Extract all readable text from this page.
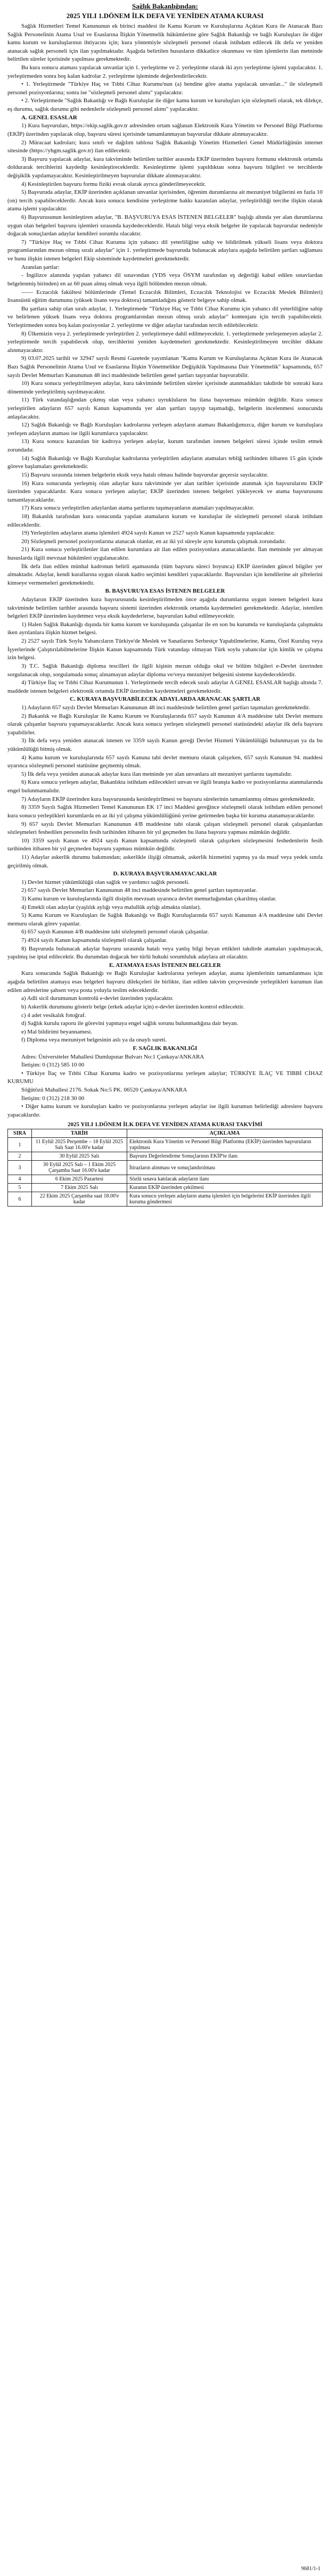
Sağlık Bakanlığından:

2025 YILI 1.DÖNEM İLK DEFA VE YENİDEN ATAMA KURASI

Sağlık Hizmetleri Temel Kanununun ek birinci maddesi ile Kamu Kurum ve Kuruluşlarına Açıktan Kura ile Atanacak Bazı Sağlık Personelinin Atama Usul ve Esaslarına İlişkin Yönetmelik hükümlerine göre Sağlık Bakanlığı ve bağlı Kuruluşları ile diğer kamu kurum ve kuruluşlarının ihtiyacını için; kura yöntemiyle sözleşmeli personel olarak istihdam edilecek ilk defa ve yeniden atanacak sağlık personeli için ilan yapılmaktadır. Aşağıda belirtilen hususların dikkatlice okunması ve tüm işlemlerin ilan metninde belirtilen süreler içerisinde yapılması gerekmektedir.

Bu kura sonucu ataması yapılacak unvanlar için 1. yerleştirme ve 2. yerleştirme olarak iki ayrı yerleştirme işlemi yapılacaktır. 1. yerleştirmeden sonra boş kalan kadrolar 2. yerleştirme işleminde değerlendirilecektir.

• 1. Yerleştirmede "Türkiye Haç ve Tıbbi Cihaz Kurumu'nun (a) bendine göre atama yapılacak unvanlar..." ile sözleşmeli personel pozisyonlarına; sonra ise "sözleşmeli personel alımı" yapılacaktır.

• 2. Yerleştirmede "Sağlık Bakanlığı ve Bağlı Kuruluşlar ile diğer kamu kurum ve kuruluşları için sözleşmeli olarak, tek dilekçe, eş durumu, sağlık durumu gibi nedenlerle sözleşmeli personel alımı" yapılacaktır.

A. GENEL ESASLAR

1) Kura başvuruları, https://ekip.saglik.gov.tr adresinden ortam sağlanan Elektronik Kura Yönetim ve Personel Bilgi Platformu (EKİP) üzerinden yapılacak olup, başvuru süresi içerisinde tamamlanmayan başvurular dikkate alınmayacaktır.

2) Müracaat kadroları; kura sınıfı ve dağılım tablosu Sağlık Bakanlığı Yönetim Hizmetleri Genel Müdürlüğünün internet sitesinde (https://yhgm.saglik.gov.tr) ilan edilecektir.

3) Başvuru yapılacak adaylar, kura takviminde belirtilen tarihler arasında EKİP üzerinden başvuru formunu elektronik ortamda doldurarak tercihlerini kaydedip kesinleştireceklerdir. Kesinleştirme işlemi yapıldıktan sonra başvuru bilgileri ve tercihlerde değişiklik yapılamayacaktır. Kesinleştirilmeyen başvurular dikkate alınmayacaktır.

4) Kesinleştirilen başvuru formu fiziki evrak olarak ayrıca gönderilmeyecektir.

5) Başvuruda adaylar, EKİP üzerinden açıklanan unvanlar içerisinden, öğrenim durumlarına ait mezuniyet bilgilerini en fazla 10 (on) tercih yapabileceklerdir. Ancak kura sonucu kendisine yerleştirme hakkı kazanılan adaylar, yerleştirildiği tercihe ilişkin olarak atama işlemi yapılacaktır.

6) Başvurusunun kesinleştiren adaylar, "B. BAŞVURUYA ESAS İSTENEN BELGELER" başlığı altında yer alan durumlarına uygun olan belgeleri başvuru işlemleri sırasında kaydedeceklerdir. Hatalı bilgi veya eksik belgeler ile yapılacak başvurular nedeniyle doğacak sonuçlardan adaylar kendileri sorumlu olacaktır.

7) "Türkiye Haç ve Tıbbi Cihaz Kurumu için yabancı dil yeterliliğine sahip ve bildirilmek yükseli lisans veya doktora programlarından mezun olmuş sıralı adaylar" için 1. yerleştirmede başvuruda bulunacak adaylara aşağıda belirtilen şartları sağlaması ve bunu ilişkin istenen belgeleri Ekip sisteminde kaydetmeleri gerekmektedir.

Aranılan şartlar:

- İngilizce alanında yapılan yabancı dil sınavından (YDS veya ÖSYM tarafından eş değerliği kabul edilen sınavlardan belgelenmiş birinden) en az 60 puan almış olmak veya ilgili bölümden mezun olmak.

—— Eczacılık fakültesi bölümlerinde (Temel Eczacılık Bilimleri, Eczacılık Teknolojisi ve Eczacılık Meslek Bilimleri) lisansüstü eğitim durumunu (yüksek lisans veya doktora) tamamladığını gösterir belgeye sahip olmak.

Bu şartlara sahip olan sıralı adaylar, 1. Yerleştirmede "Türkiye Haç ve Tıbbi Cihaz Kurumu için yabancı dil yeterliliğine sahip ve belirlenen yüksek lisans veya doktora programlarından mezun olmuş sıralı adaylar" kontenjanı için tercih yapabilecektir. Yerleştirmeden sonra boş kalan pozisyonlar 2. yerleştirme ve diğer adaylar tarafından tercih edilebilecektir.

8) Ülkemizin veya 2. yerleştirmede yerleştirilen 2. yerleştirmeye dahil edilmeyecektir. 1. yerleştirmede yerleşemeyen adaylar 2. yerleştirmede tercih yapabilecek olup, tercihlerini yeniden kaydetmeleri gerekmektedir. Kesinleştirilmeyen tercihler dikkate alınmayacaktır.

9) 03.07.2025 tarihli ve 32947 sayılı Resmi Gazetede yayımlanan "Kamu Kurum ve Kuruluşlarına Açıktan Kura ile Atanacak Bazı Sağlık Personelinin Atama Usul ve Esaslarına İlişkin Yönetmelikte Değişiklik Yapılmasına Dair Yönetmelik" kapsamında, 657 sayılı Devlet Memurları Kanununun 48 inci maddesinde belirtilen genel şartları taşıyanlar başvurabilir.

10) Kura sonucu yerleştirilmeyen adaylar, kura takviminde belirtilen süreler içerisinde atanmadıkları takdirde bir sonraki kura döneminde yerleştirilmiş sayılmayacaktır.

11) Türk vatandaşlığından çıkmış olan veya yabancı uyrukluların bu ilana başvurması mümkün değildir. Kura sonucu yerleştirilen adayların 657 sayılı Kanun kapsamında yer alan şartları taşıyıp taşımadığı, belgelerin incelenmesi sonucunda anlaşılacaktır.

12) Sağlık Bakanlığı ve Bağlı Kuruluşları kadrolarına yerleşen adayların ataması Bakanlığımızca, diğer kurum ve kuruluşlara yerleşen adayların ataması ise ilgili kurumlarca yapılacaktır.

13) Kura sonucu kazanılan bir kadroya yerleşen adaylar, kurum tarafından istenen belgeleri süresi içinde teslim etmek zorundadır.

14) Sağlık Bakanlığı ve Bağlı Kuruluşlar kadrolarına yerleştirilen adayların atamaları tebliğ tarihinden itibaren 15 gün içinde göreve başlamaları gerekmektedir.

15) Başvuru sırasında istenen belgelerin eksik veya hatalı olması halinde başvurular geçersiz sayılacaktır.

16) Kura sonucunda yerleşmiş olan adaylar kura takviminde yer alan tarihler içerisinde atanmak için başvurularını EKİP üzerinden yapacaklardır. Kura sonucu yerleşen adaylar; EKİP üzerinden istenen belgeleri yükleyecek ve atama başvurusunu tamamlayacaklardır.

17) Kura sonucu yerleştirilen adaylardan atama şartlarını taşımayanların atamaları yapılmayacaktır.

18) Bakanlık tarafından kura sonucunda yapılan atamaların kurum ve kuruluşlar ile sözleşmeli personel olarak istihdam edileceklerdir.

19) Yerleştirilen adayların atama işlemleri 4924 sayılı Kanun ve 2527 sayılı Kanun kapsamında yapılacaktır.

20) Sözleşmeli personel pozisyonlarına atanacak olanlar, en az iki yıl süreyle aynı kurumda çalışmak zorundadır.

21) Kura sonucu yerleştirilenler ilan edilen kurumlara ait ilan edilen pozisyonlara atanacaklardır. İlan metninde yer almayan hususlarda ilgili mevzuat hükümleri uygulanacaktır.

İlk defa ilan edilen münhal kadronun belirli aşamasında (tüm başvuru süreci boyunca) EKİP üzerinden güncel bilgiler yer almaktadır. Adaylar, kendi kurallarına uygun olarak kadro seçimini kendileri yapacaklardır. Başvuruları için kendilerine ait şifrelerini kimseye vermemeleri gerekmektedir.

B. BAŞVURUYA ESAS İSTENEN BELGELER

Adaylarıın EKİP üzerinden kura başvurusunda kesinleştirilmeden önce aşağıda durumlarına uygun istenen belgeleri kura takviminde belirtilen tarihler arasında başvuru sistemi üzerinden elektronik ortamda kaydetmeleri gerekmektedir. Adaylar, istenilen belgeleri EKİP üzerinden kaydetmez veya eksik kaydederlerse, başvuruları kabul edilmeyecektir.

1) Halen Sağlık Bakanlığı dışında bir kamu kurum ve kuruluşunda çalışanlar ile en son bu kurumda ve kuruluşlarda çalışmakta iken ayrılanlara ilişkin hizmet belgesi.

2) 2527 sayılı Türk Soylu Yabancıların Türkiye'de Meslek ve Sanatlarını Serbestçe Yapabilmelerine, Kamu, Özel Kuruluş veya İşyerlerinde Çalıştırılabilmelerine İlişkin Kanun kapsamında Türk vatandaşı olmayan Türk soylu yabancılar için kimlik ve çalışma izin belgesi.

3) T.C. Sağlık Bakanlığı diploma tescilleri ile ilgili kişinin mezun olduğu okul ve bölüm bilgileri e-Devlet üzerinden sorgulanacak olup, sorgulamada sonuç alınamayan adaylar diploma ve/veya mezuniyet belgesini sisteme kaydedeceklerdir.

4) Türkiye İlaç ve Tıbbi Cihaz Kurumunun 1. Yerleştirmede tercih edecek sıralı adaylar A GENEL ESASLAR başlığı altında 7. maddede istenen belgeleri elektronik ortamda EKİP üzerinden kaydetmeleri gerekmektedir.

C. KURAYA BAŞVURABİLECEK ADAYLARDA ARANACAK ŞARTLAR

1) Adayların 657 sayılı Devlet Memurları Kanununun 48 inci maddesinde belirtilen genel şartları taşımaları gerekmektedir.

2) Bakanlık ve Bağlı Kuruluşlar ile Kamu Kurum ve Kuruluşlarında 657 sayılı Kanunun 4/A maddesine tabi Devlet memuru olarak çalışanlar başvuru yapamayacaklardır. Ancak kura sonucu yerleşen sözleşmeli personel statüsündeki adaylar ilk defa başvuru yapabilirler.

3) İlk defa veya yeniden atanacak istenen ve 3359 sayılı Kanun gereği Devlet Hizmeti Yükümlülüğü bulunmayan ya da bu yükümlülüğü bitmiş olmak.

4) Kamu kurum ve kuruluşlarında 657 sayılı Kanuna tabi devlet memuru olarak çalışırken, 657 sayılı Kanunun 94. maddesi uyarınca sözleşmeli personel statüsüne geçmemiş olmak.

5) İlk defa veya yeniden atanacak adaylar kura ilan metninde yer alan unvanlara ait mezuniyet şartlarını taşımalıdır.

6) Kura sonucu yerleşen adaylar, Bakanlıkta istihdam edilecekleri unvan ve ilgili branşta kadro ve pozisyonlarına atanmalarında engel bulunmamalıdır.

7) Adayların EKİP üzerinden kura başvurusunda kesinleştirilmesi ve başvuru sürelerinin tamamlanmış olması gerekmektedir.

8) 3359 Sayılı Sağlık Hizmetleri Temel Kanununun EK 17 inci Maddesi gereğince sözleşmeli olarak istihdam edilen personel kura sonucu yerleştikleri kurumlarda en az iki yıl çalışma yükümlülüğünü yerine getirmeden başka bir kuruma atanamayacaklardır.

9) 657 sayılı Devlet Memurları Kanununun 4/B maddesine tabi olarak çalışan sözleşmeli personel olarak çalışanlardan sözleşmeleri feshedilen personelin fesih tarihinden itibaren bir yıl geçmeden bu ilana başvuru yapması mümkün değildir.

10) 3359 sayılı Kanun ve 4924 sayılı Kanun kapsamında sözleşmeli olarak çalışırken sözleşmesini feshedenlerin fesih tarihinden itibaren bir yıl geçmeden başvuru yapması mümkün değildir.

11) Adaylar askerlik durumu bakımından; askerlikle ilişiği olmamak, askerlik hizmetini yapmış ya da muaf veya yedek sınıfa geçirilmiş olmak.

D. KURAYA BAŞVURAMAYACAKLAR

1) Devlet hizmet yükümlülüğü olan sağlık ve yardımcı sağlık personeli.

2) 657 sayılı Devlet Memurları Kanununun 48 inci maddesinde belirtilen genel şartları taşımayanlar.

3) Kamu kurum ve kuruluşlarında ilgili disiplin mevzuatı uyarınca devlet memurluğundan çıkarılmış olanlar.

4) Emekli olan adaylar (yaşlılık aylığı veya malullük aylığı almakta olanlar).

5) Kamu Kurum ve Kuruluşları ile Sağlık Bakanlığı ve Bağlı Kuruluşlarında 657 sayılı Kanunun 4/A maddesine tabi Devlet memuru olarak görev yapanlar.

6) 657 sayılı Kanunun 4/B maddesine tabi sözleşmeli personel olarak çalışanlar.

7) 4924 sayılı Kanun kapsamında sözleşmeli olarak çalışanlar.

8) Başvuruda bulunacak adaylar başvuru sırasında hatalı veya yanlış bilgi beyan ettikleri takdirde atamaları yapılmayacak, yapılmış ise iptal edilecektir. Bu durumdan doğacak her türlü hukuki sorumluluk adaylara ait olacaktır.

E. ATAMAYA ESAS İSTENEN BELGELER

Kura sonucunda Sağlık Bakanlığı ve Bağlı Kuruluşlar kadrolarına yerleşen adaylar, atama işlemlerinin tamamlanması için aşağıda belirtilen atamaya esas belgeleri başvuru dilekçeleri ile birlikte, ilan edilen takvim çerçevesinde yerleştikleri kurumun ilan edilen adreslerine şahsen veya posta yoluyla teslim edeceklerdir.

a) Adli sicil durumunun kontrolü e-devlet üzerinden yapılacaktır.

b) Askerlik durumunu gösterir belge (erkek adaylar için) e-devlet üzerinden kontrol edilecektir.

c) 4 adet vesikalık fotoğraf.

d) Sağlık kurulu raporu ile görevini yapmaya engel sağlık sorunu bulunmadığına dair beyan.

e) Mal bildirimi beyannamesi.

f) Diploma veya mezuniyet belgesinin aslı ya da onaylı sureti.

F. SAĞLIK BAKANLIĞI

Adres: Üniversiteler Mahallesi Dumlupınar Bulvarı No:1 Çankaya/ANKARA

İletişim: 0 (312) 585 10 00

• Türkiye İlaç ve Tıbbi Cihaz Kurumu kadro ve pozisyonlarına yerleşen adaylar; TÜRKİYE İLAÇ VE TIBBİ CİHAZ KURUMU

Söğütözü Mahallesi 2176. Sokak No:5 PK. 06520 Çankaya/ANKARA

İletişim: 0 (312) 218 30 00

• Diğer kamu kurum ve kuruluşları kadro ve pozisyonlarına yerleşen adaylar ise ilgili kurumun belirlediği adreslere başvuru yapacaklardır.

2025 YILI 1.DÖNEM İLK DEFA VE YENİDEN ATAMA KURASI TAKVİMİ
SIRA	TARİH	AÇIKLAMA
1	11 Eylül 2025 Perşembe – 18 Eylül 2025 Salı Saat 16.00'e kadar	Elektronik Kura Yönetim ve Personel Bilgi Platformu (EKİP) üzerinden başvuruların yapılması
2	30 Eylül 2025 Salı	Başvuru Değerlendirme Sonuçlarının EKİP'te ilanı
3	30 Eylül 2025 Salı – 1 Ekim 2025 Çarşamba Saat 16.00'e kadar	İtirazların alınması ve sonuçlandırılması
4	6 Ekim 2025 Pazartesi	Sözlü sınava katılacak adayların ilanı
5	7 Ekim 2025 Salı	Kuranın EKİP üzerinden çekilmesi
6	22 Ekim 2025 Çarşamba saat 18.00'e kadar	Kura sonucu yerleşen adayların atama işlemleri için belgelerini EKİP üzerinden ilgili kuruma göndermesi
9681/1-1
